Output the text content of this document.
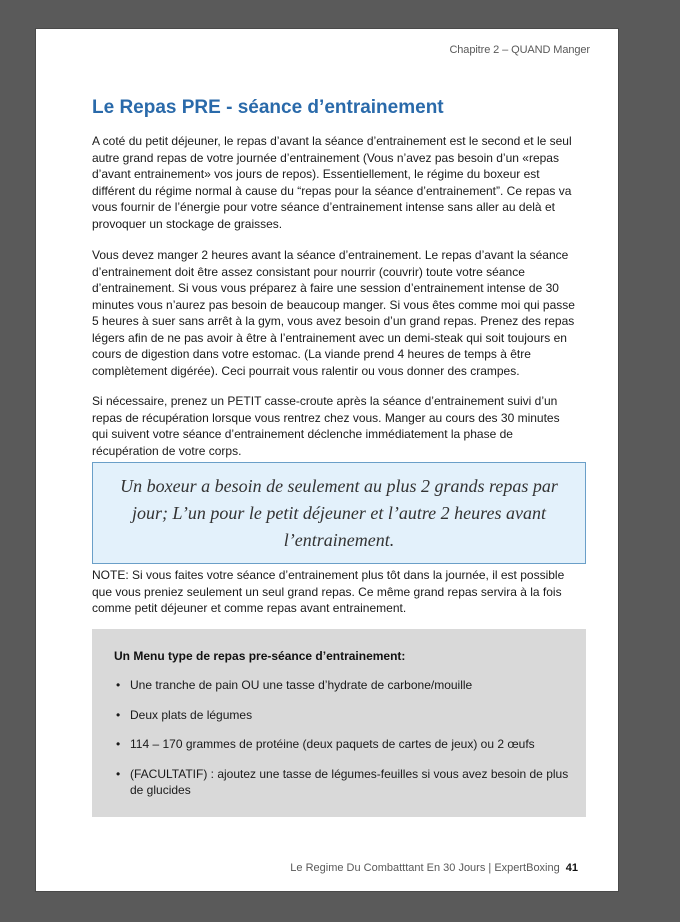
Chapitre 2 – QUAND Manger
Le Repas PRE - séance d’entrainement

A coté du petit déjeuner, le repas d’avant la séance d’entrainement est le second et le seul autre grand repas de votre journée d’entrainement (Vous n’avez pas besoin d’un «repas d’avant entrainement» vos jours de repos). Essentiellement, le régime du boxeur est différent du régime normal à cause du “repas pour la séance d’entrainement”. Ce repas va vous fournir de l’énergie pour votre séance d’entrainement intense sans aller au delà et provoquer un stockage de graisses.

Vous devez manger 2 heures avant la séance d’entrainement. Le repas d’avant la séance d’entrainement doit être assez consistant pour nourrir (couvrir) toute votre séance d’entrainement. Si vous vous préparez à faire une session d’entrainement intense de 30 minutes vous n’aurez pas besoin de beaucoup manger. Si vous êtes comme moi qui passe 5 heures à suer sans arrêt à la gym, vous avez besoin d’un grand repas. Prenez des repas légers afin de ne pas avoir à être à l’entrainement avec un demi-steak qui soit toujours en cours de digestion dans votre estomac. (La viande prend 4 heures de temps à être complètement digérée). Ceci pourrait vous ralentir ou vous donner des crampes.

Si nécessaire, prenez un PETIT casse-croute après la séance d’entrainement suivi d’un repas de récupération lorsque vous rentrez chez vous. Manger au cours des 30 minutes qui suivent votre séance d’entrainement déclenche immédiatement la phase de récupération de votre corps.

Un boxeur a besoin de seulement au plus 2 grands repas par jour; L’un pour le petit déjeuner et l’autre 2 heures avant l’entrainement.

NOTE: Si vous faites votre séance d’entrainement plus tôt dans la journée, il est possible que vous preniez seulement un seul grand repas. Ce même grand repas servira à la fois comme petit déjeuner et comme repas avant entrainement.

Un Menu type de repas pre-séance d’entrainement:

• Une tranche de pain OU une tasse d’hydrate de carbone/mouille
• Deux plats de légumes
• 114 – 170 grammes de protéine (deux paquets de cartes de jeux) ou 2 œufs
• (FACULTATIF) : ajoutez une tasse de légumes-feuilles si vous avez besoin de plus de glucides
Le Regime Du Combatttant En 30 Jours | ExpertBoxing 41
